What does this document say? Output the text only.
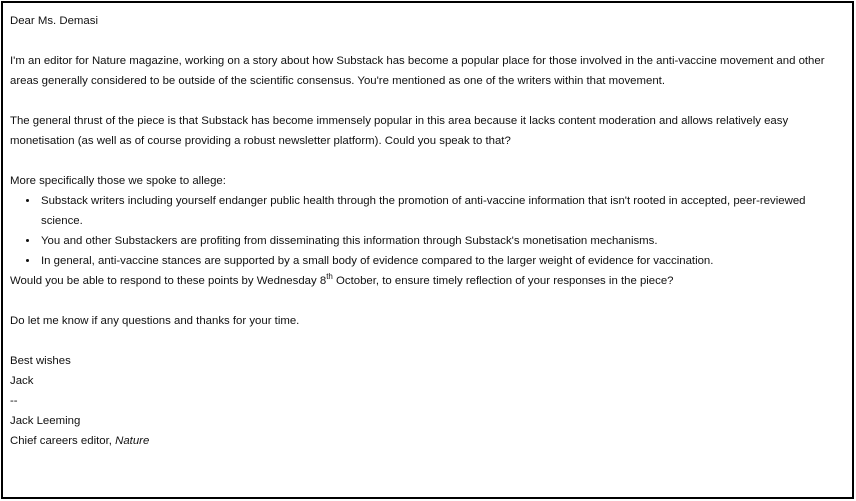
Dear Ms. Demasi

I'm an editor for Nature magazine, working on a story about how Substack has become a popular place for those involved in the anti-vaccine movement and other areas generally considered to be outside of the scientific consensus. You're mentioned as one of the writers within that movement.

The general thrust of the piece is that Substack has become immensely popular in this area because it lacks content moderation and allows relatively easy monetisation (as well as of course providing a robust newsletter platform). Could you speak to that?

More specifically those we spoke to allege:

• Substack writers including yourself endanger public health through the promotion of anti-vaccine information that isn't rooted in accepted, peer-reviewed science.
• You and other Substackers are profiting from disseminating this information through Substack's monetisation mechanisms.
• In general, anti-vaccine stances are supported by a small body of evidence compared to the larger weight of evidence for vaccination.

Would you be able to respond to these points by Wednesday 8th October, to ensure timely reflection of your responses in the piece?

Do let me know if any questions and thanks for your time.

Best wishes

Jack

--

Jack Leeming

Chief careers editor, Nature
